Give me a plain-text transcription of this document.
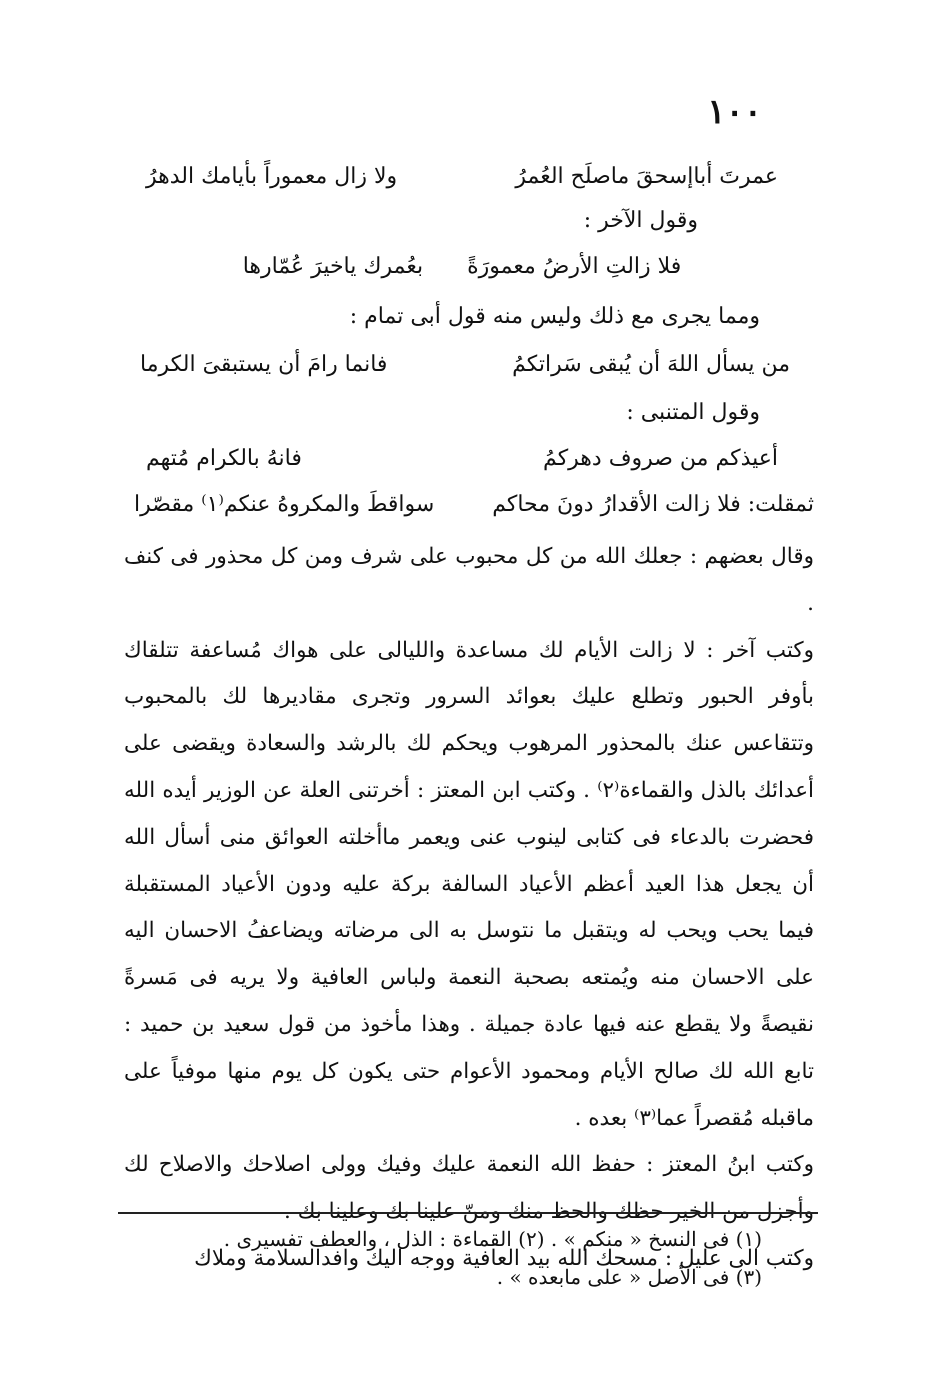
١٠٠
عمرتَ أباإسحقَ ماصلَح العُمرُ
ولا زال معموراً بأيامك الدهرُ
وقول الآخر :
فلا زالتِ الأرضُ معمورَةً
بعُمرك ياخيرَ عُمّارها
ومما يجرى مع ذلك وليس منه قول أبى تمام :
من يسأل اللهَ أن يُبقى سَراتكمُ
فانما رامَ أن يستبقىَ الكرما
وقول المتنبى :
أعيذكم من صروف دهركمُ
فانهُ بالكرام مُتهم
ثمقلت: فلا زالت الأقدارُ دونَ محاكم
سواقطَ والمكروهُ عنكم⁽١⁾ مقصّرا

وقال بعضهم : جعلك الله من كل محبوب على شرف ومن كل محذور فى كنف .

وكتب آخر : لا زالت الأيام لك مساعدة والليالى على هواك مُساعفة تتلقاك بأوفر الحبور وتطلع عليك بعوائد السرور وتجرى مقاديرها لك بالمحبوب وتتقاعس عنك بالمحذور المرهوب ويحكم لك بالرشد والسعادة ويقضى على أعدائك بالذل والقماءة⁽٢⁾ . وكتب ابن المعتز : أخرتنى العلة عن الوزير أيده الله فحضرت بالدعاء فى كتابى لينوب عنى ويعمر ماأخلته العوائق منى أسأل الله أن يجعل هذا العيد أعظم الأعياد السالفة بركة عليه ودون الأعياد المستقبلة فيما يحب ويحب له ويتقبل ما نتوسل به الى مرضاته ويضاعفُ الاحسان اليه على الاحسان منه ويُمتعه بصحبة النعمة ولباس العافية ولا يريه فى مَسرةً نقيصةً ولا يقطع عنه فيها عادة جميلة . وهذا مأخوذ من قول سعيد بن حميد : تابع الله لك صالح الأيام ومحمود الأعوام حتى يكون كل يوم منها موفياً على ماقبله مُقصراً عما⁽٣⁾ بعده .

وكتب ابنُ المعتز : حفظ الله النعمة عليك وفيك وولى اصلاحك والاصلاح لك وأجزل من الخير حظك والحظ منك ومنّ علينا بك وعلينا بك .

وكتب الى عليل : مسحك الله بيد العافية ووجه اليك وافدالسلامة وملاك

(١) فى النسخ « منكم » . (٢) القماءة : الذل ، والعطف تفسيرى .
(٣) فى الأصل « على مابعده » .
